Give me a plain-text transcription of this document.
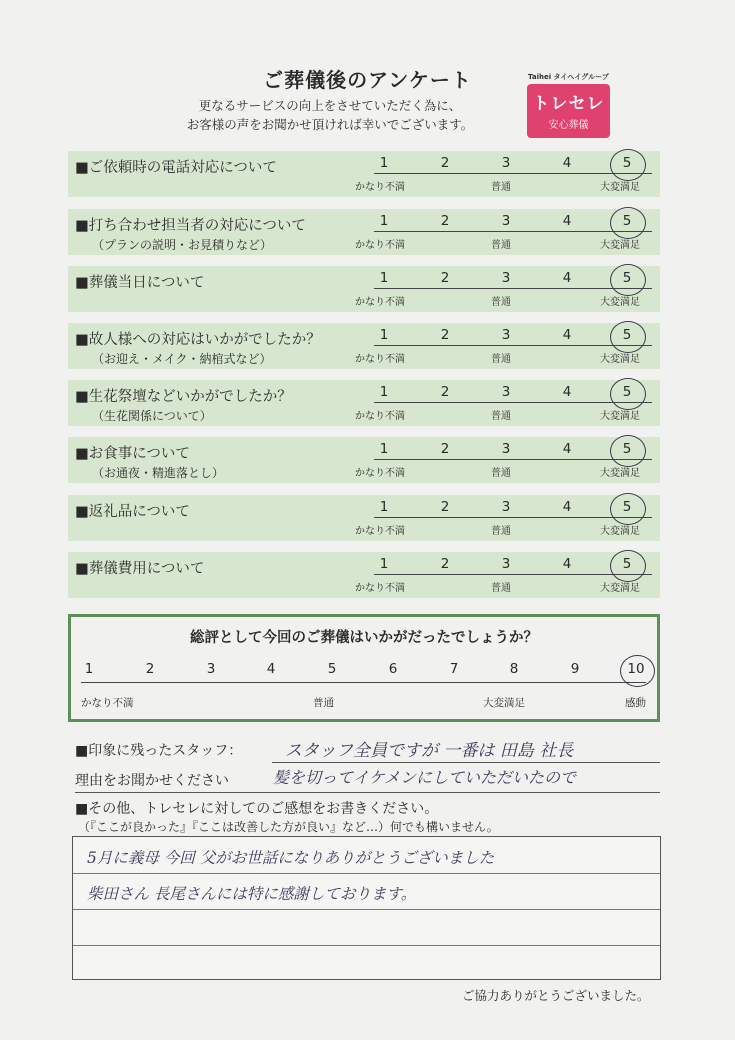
ご葬儀後のアンケート
更なるサービスの向上をさせていただく為に、
お客様の声をお聞かせ頂ければ幸いでございます。
Taihei タイヘイグループ
トレセレ
安心葬儀
■ご依頼時の電話対応について	1	2	3	4	5
かなり不満	普通	大変満足
■打ち合わせ担当者の対応について
（プランの説明・お見積りなど）
1	2	3	4	5
かなり不満	普通	大変満足
■葬儀当日について	1	2	3	4	5
かなり不満	普通	大変満足
■故人様への対応はいかがでしたか？
（お迎え・メイク・納棺式など）
1	2	3	4	5
かなり不満	普通	大変満足
■生花祭壇などいかがでしたか？
（生花関係について）
1	2	3	4	5
かなり不満	普通	大変満足
■お食事について
（お通夜・精進落とし）
1	2	3	4	5
かなり不満	普通	大変満足
■返礼品について	1	2	3	4	5
かなり不満	普通	大変満足
■葬儀費用について	1	2	3	4	5
かなり不満	普通	大変満足
総評として今回のご葬儀はいかがだったでしょうか？
1	2	3	4	5	6	7	8	9	10
かなり不満	普通	大変満足	感動
■印象に残ったスタッフ：	スタッフ全員ですが 一番は 田島 社長
理由をお聞かせください	髪を切ってイケメンにしていただいたので
■その他、トレセレに対してのご感想をお書きください。
（『ここが良かった』『ここは改善した方が良い』など…）何でも構いません。
5月に義母 今回 父がお世話になりありがとうございました
柴田さん 長尾さんには特に感謝しております。
ご協力ありがとうございました。
